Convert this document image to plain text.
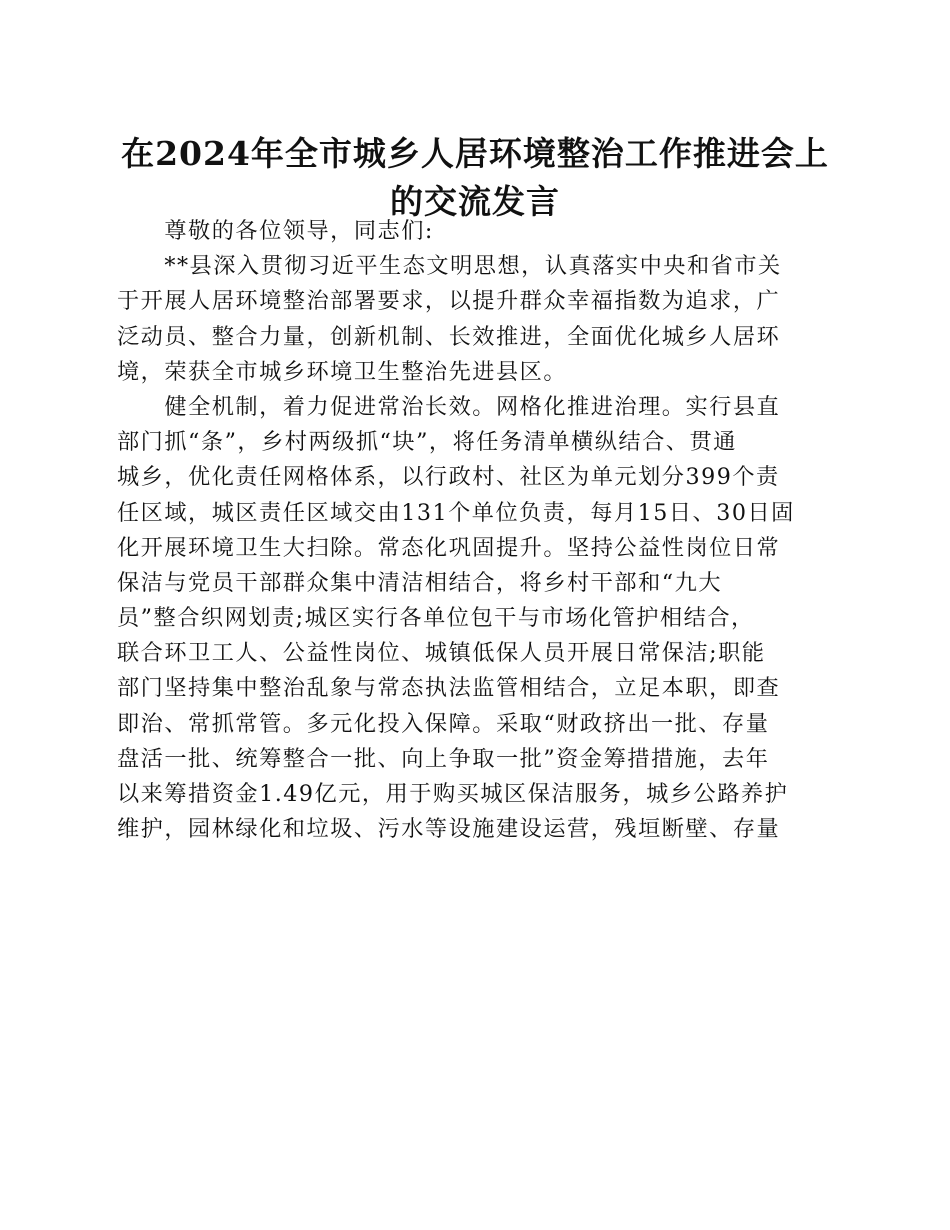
在2024年全市城乡人居环境整治工作推进会上
的交流发言
　　尊敬的各位领导，同志们:
　　**县深入贯彻习近平生态文明思想，认真落实中央和省市关
于开展人居环境整治部署要求，以提升群众幸福指数为追求，广
泛动员、整合力量，创新机制、长效推进，全面优化城乡人居环
境，荣获全市城乡环境卫生整治先进县区。
　　健全机制，着力促进常治长效。网格化推进治理。实行县直
部门抓“条”，乡村两级抓“块”，将任务清单横纵结合、贯通
城乡，优化责任网格体系，以行政村、社区为单元划分399个责
任区域，城区责任区域交由131个单位负责，每月15日、30日固
化开展环境卫生大扫除。常态化巩固提升。坚持公益性岗位日常
保洁与党员干部群众集中清洁相结合，将乡村干部和“九大
员”整合织网划责;城区实行各单位包干与市场化管护相结合，
联合环卫工人、公益性岗位、城镇低保人员开展日常保洁;职能
部门坚持集中整治乱象与常态执法监管相结合，立足本职，即查
即治、常抓常管。多元化投入保障。采取“财政挤出一批、存量
盘活一批、统筹整合一批、向上争取一批”资金筹措措施，去年
以来筹措资金1.49亿元，用于购买城区保洁服务，城乡公路养护
维护，园林绿化和垃圾、污水等设施建设运营，残垣断壁、存量
